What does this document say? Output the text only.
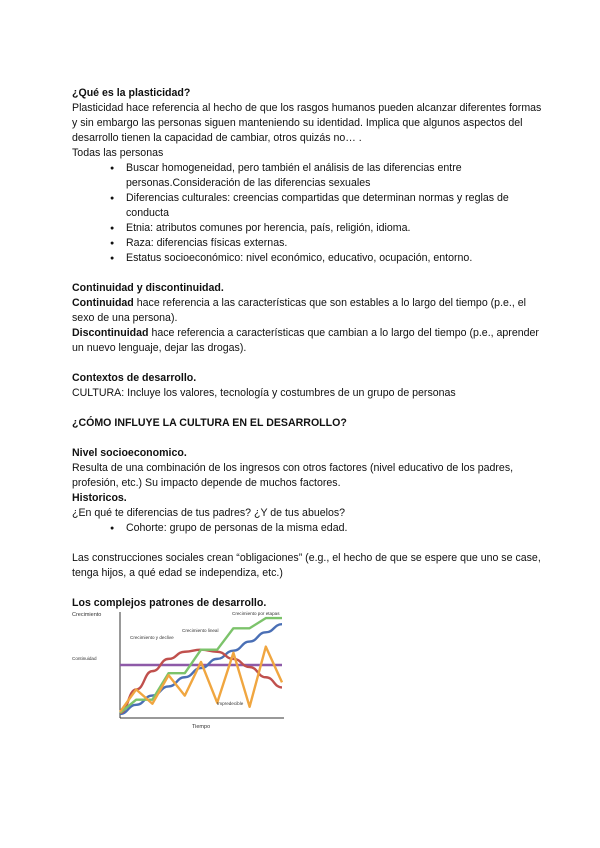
¿Qué es la plasticidad?

Plasticidad hace referencia al hecho de que los rasgos humanos pueden alcanzar diferentes formas y sin embargo las personas siguen manteniendo su identidad. Implica que algunos aspectos del desarrollo tienen la capacidad de cambiar, otros quizás no… .

Todas las personas

● Buscar homogeneidad, pero también el análisis de las diferencias entre personas.Consideración de las diferencias sexuales
● Diferencias culturales: creencias compartidas que determinan normas y reglas de conducta
● Etnia: atributos comunes por herencia, país, religión, idioma.
● Raza: diferencias físicas externas.
● Estatus socioeconómico: nivel económico, educativo, ocupación, entorno.

Continuidad y discontinuidad.

Continuidad hace referencia a las características que son estables a lo largo del tiempo (p.e., el sexo de una persona).

Discontinuidad hace referencia a características que cambian a lo largo del tiempo (p.e., aprender un nuevo lenguaje, dejar las drogas).

Contextos de desarrollo.

CULTURA: Incluye los valores, tecnología y costumbres de un grupo de personas

¿CÓMO INFLUYE LA CULTURA EN EL DESARROLLO?

Nivel socioeconomico.

Resulta de una combinación de los ingresos con otros factores (nivel educativo de los padres, profesión, etc.) Su impacto depende de muchos factores.

Historicos.

¿En qué te diferencias de tus padres? ¿Y de tus abuelos?

● Cohorte: grupo de personas de la misma edad.

Las construcciones sociales crean “obligaciones” (e.g., el hecho de que se espere que uno se case, tenga hijos, a qué edad se independiza, etc.)

Los complejos patrones de desarrollo.

Crecimiento
Tiempo
Crecimiento por etapas
Crecimiento lineal
Crecimiento y declive
Continuidad
Impredecible
